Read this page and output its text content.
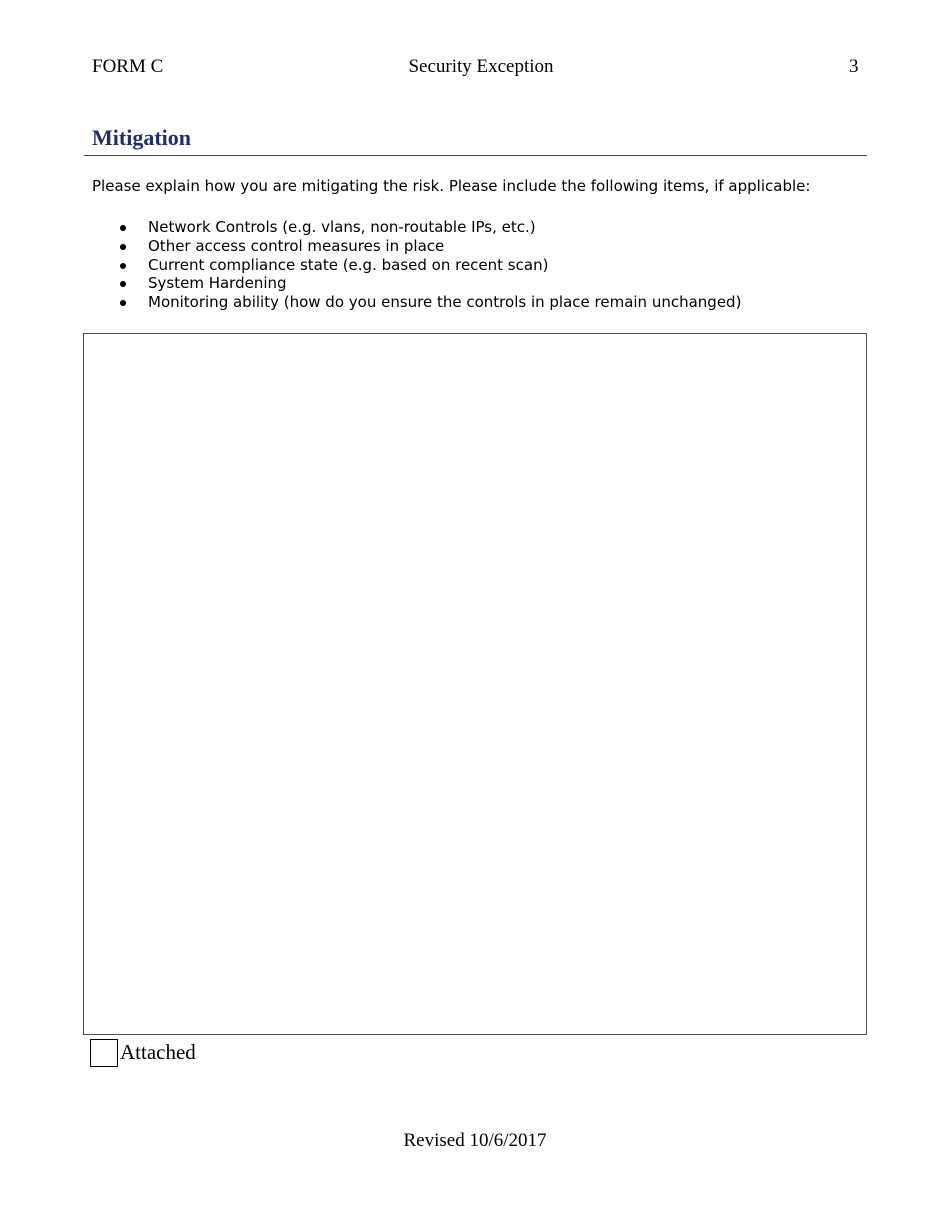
FORM C	Security Exception	3
Mitigation

Please explain how you are mitigating the risk. Please include the following items, if applicable:

Network Controls (e.g. vlans, non-routable IPs, etc.)
Other access control measures in place
Current compliance state (e.g. based on recent scan)
System Hardening
Monitoring ability (how do you ensure the controls in place remain unchanged)
Attached
Revised 10/6/2017
